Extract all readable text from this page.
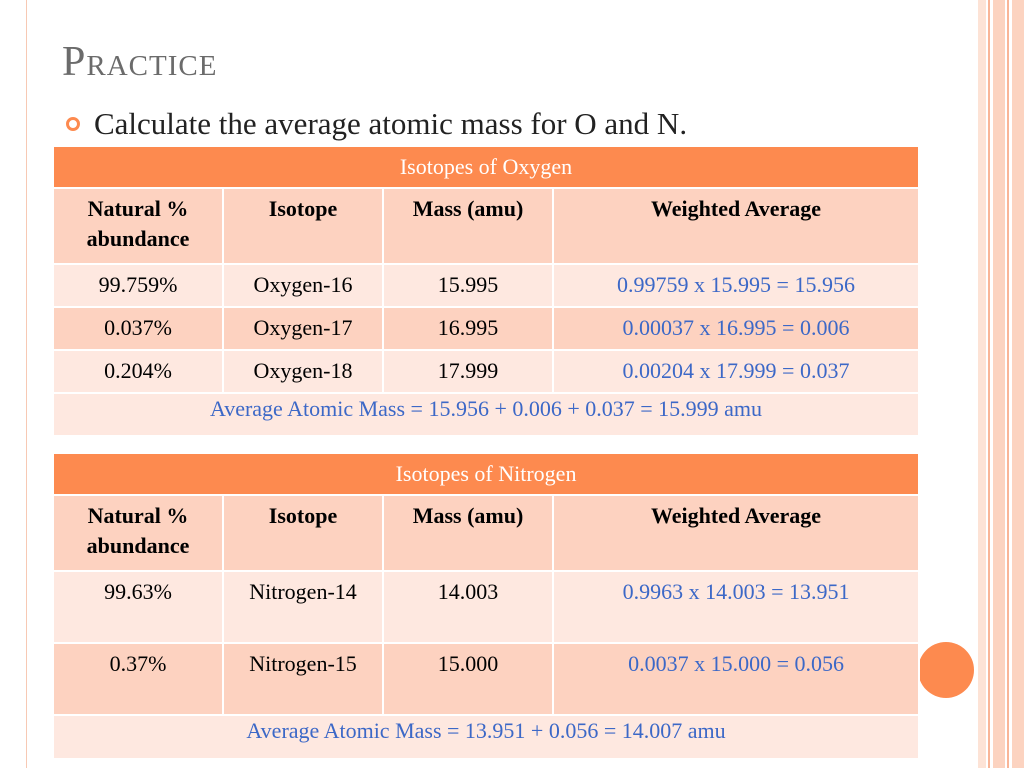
Practice
Calculate the average atomic mass for O and N.
Isotopes of Oxygen			
Natural % abundance	Isotope	Mass (amu)	Weighted Average
99.759%	Oxygen-16	15.995	0.99759 x 15.995 = 15.956
0.037%	Oxygen-17	16.995	0.00037 x 16.995 = 0.006
0.204%	Oxygen-18	17.999	0.00204 x 17.999 = 0.037
Average Atomic Mass = 15.956 + 0.006 + 0.037 = 15.999 amu			
Isotopes of Nitrogen			
Natural % abundance	Isotope	Mass (amu)	Weighted Average
99.63%	Nitrogen-14	14.003	0.9963 x 14.003 = 13.951
0.37%	Nitrogen-15	15.000	0.0037 x 15.000 = 0.056
Average Atomic Mass = 13.951 + 0.056 = 14.007 amu			
